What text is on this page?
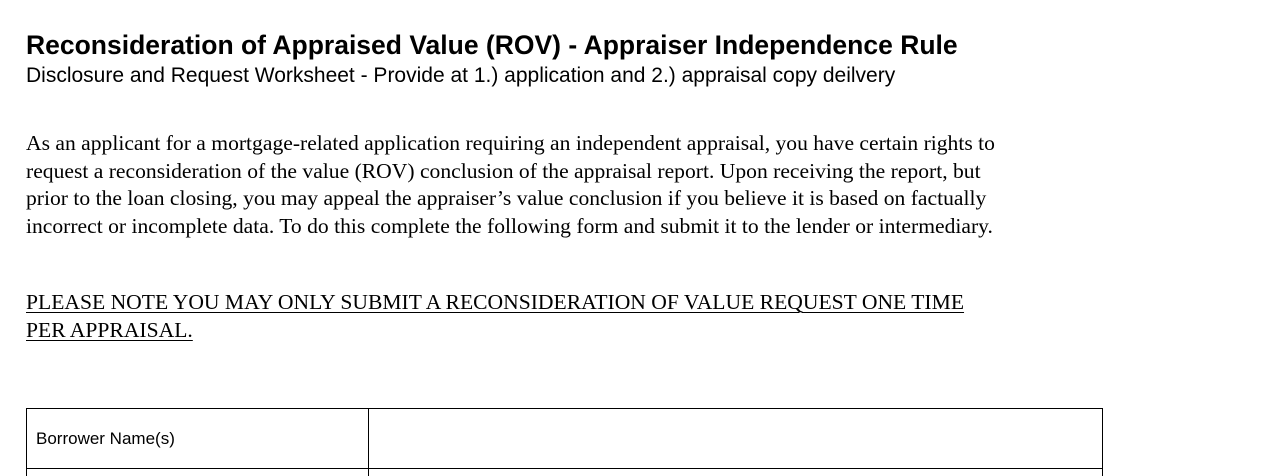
Reconsideration of Appraised Value (ROV) - Appraiser Independence Rule

Disclosure and Request Worksheet - Provide at 1.) application and 2.) appraisal copy deilvery

As an applicant for a mortgage-related application requiring an independent appraisal, you have certain rights to
request a reconsideration of the value (ROV) conclusion of the appraisal report. Upon receiving the report, but
prior to the loan closing, you may appeal the appraiser’s value conclusion if you believe it is based on factually
incorrect or incomplete data. To do this complete the following form and submit it to the lender or intermediary.

PLEASE NOTE YOU MAY ONLY SUBMIT A RECONSIDERATION OF VALUE REQUEST ONE TIME
PER APPRAISAL.

Borrower Name(s)	
